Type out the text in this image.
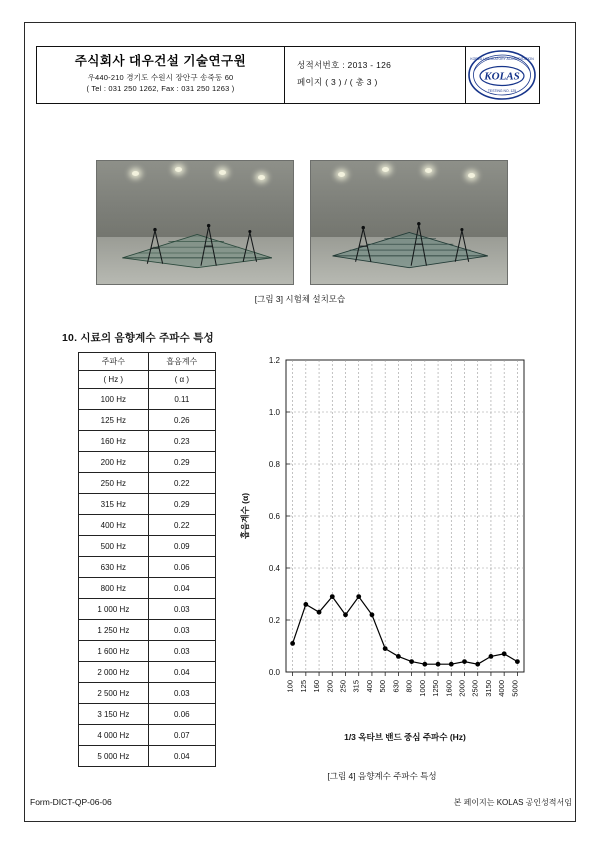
주식회사 대우건설 기술연구원
우440-210 경기도 수원시 장안구 송죽동 60
( Tel : 031 250 1262, Fax : 031 250 1263 )
성적서번호 : 2013 - 126
페이지 ( 3 ) / ( 총 3 )
KOREA LABORATORY ACCREDITATION
KOLAS
TESTING NO. 125
[그림 3] 시험체 설치모습
10. 시료의 음향계수 주파수 특성
주파수	흡음계수
( Hz )	( α )
100 Hz	0.11
125 Hz	0.26
160 Hz	0.23
200 Hz	0.29
250 Hz	0.22
315 Hz	0.29
400 Hz	0.22
500 Hz	0.09
630 Hz	0.06
800 Hz	0.04
1 000 Hz	0.03
1 250 Hz	0.03
1 600 Hz	0.03
2 000 Hz	0.04
2 500 Hz	0.03
3 150 Hz	0.06
4 000 Hz	0.07
5 000 Hz	0.04
0.0
0.2
0.4
0.6
0.8
1.0
1.2
100 125 160 200 250 315 400 500 630 800 1000 1250 1600 2000 2500 3150 4000 5000
1/3 옥타브 밴드 중심 주파수 (Hz)
흡음계수 (α)
[그림 4] 음향계수 주파수 특성
Form-DICT-QP-06-06	본 페이지는 KOLAS 공인성적서임
